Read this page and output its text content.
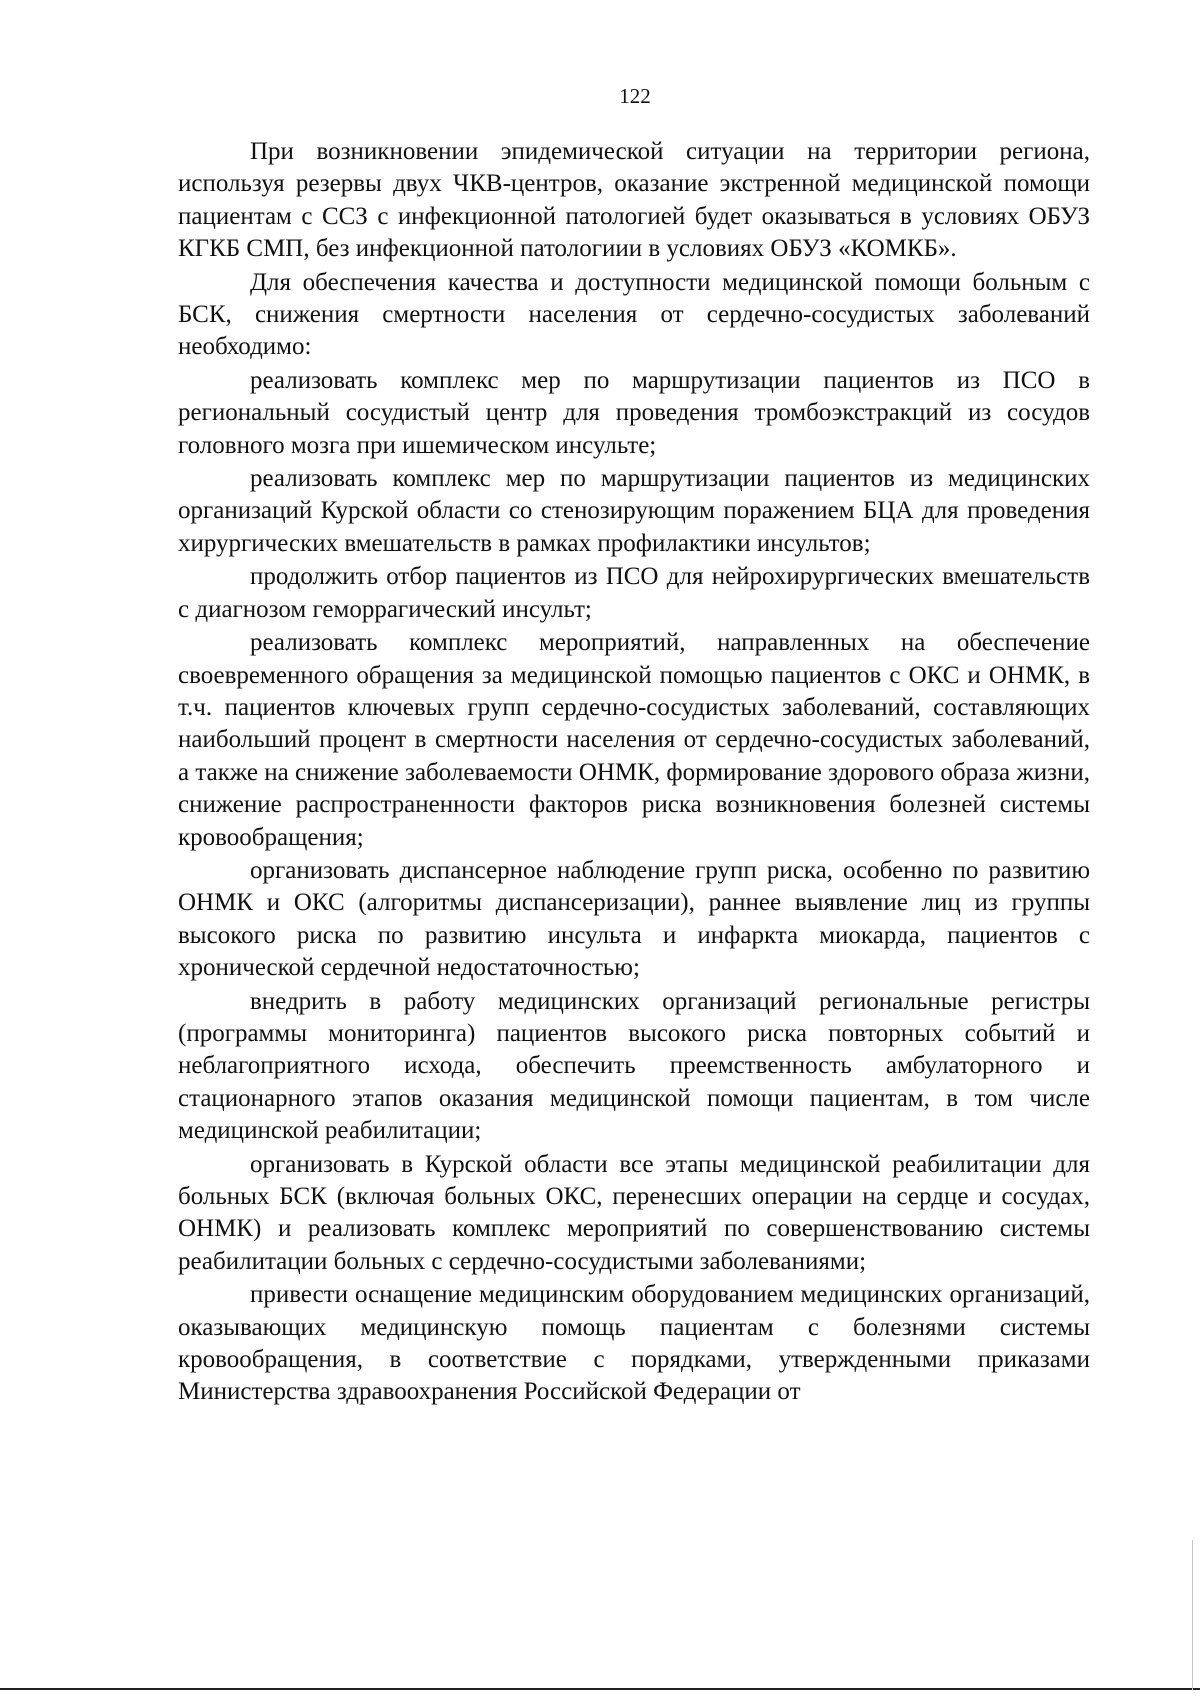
122

При возникновении эпидемической ситуации на территории региона, используя резервы двух ЧКВ-центров, оказание экстренной медицинской помощи пациентам с ССЗ с инфекционной патологией будет оказываться в условиях ОБУЗ КГКБ СМП, без инфекционной патологиии в условиях ОБУЗ «КОМКБ».

Для обеспечения качества и доступности медицинской помощи больным с БСК, снижения смертности населения от сердечно-сосудистых заболеваний необходимо:

реализовать комплекс мер по маршрутизации пациентов из ПСО в региональный сосудистый центр для проведения тромбоэкстракций из сосудов головного мозга при ишемическом инсульте;

реализовать комплекс мер по маршрутизации пациентов из медицинских организаций Курской области со стенозирующим поражением БЦА для проведения хирургических вмешательств в рамках профилактики инсультов;

продолжить отбор пациентов из ПСО для нейрохирургических вмешательств с диагнозом геморрагический инсульт;

реализовать комплекс мероприятий, направленных на обеспечение своевременного обращения за медицинской помощью пациентов с ОКС и ОНМК, в т.ч. пациентов ключевых групп сердечно-сосудистых заболеваний, составляющих наибольший процент в смертности населения от сердечно-сосудистых заболеваний, а также на снижение заболеваемости ОНМК, формирование здорового образа жизни, снижение распространенности факторов риска возникновения болезней системы кровообращения;

организовать диспансерное наблюдение групп риска, особенно по развитию ОНМК и ОКС (алгоритмы диспансеризации), раннее выявление лиц из группы высокого риска по развитию инсульта и инфаркта миокарда, пациентов с хронической сердечной недостаточностью;

внедрить в работу медицинских организаций региональные регистры (программы мониторинга) пациентов высокого риска повторных событий и неблагоприятного исхода, обеспечить преемственность амбулаторного и стационарного этапов оказания медицинской помощи пациентам, в том числе медицинской реабилитации;

организовать в Курской области все этапы медицинской реабилитации для больных БСК (включая больных ОКС, перенесших операции на сердце и сосудах, ОНМК) и реализовать комплекс мероприятий по совершенствованию системы реабилитации больных с сердечно-сосудистыми заболеваниями;

привести оснащение медицинским оборудованием медицинских организаций, оказывающих медицинскую помощь пациентам с болезнями системы кровообращения, в соответствие с порядками, утвержденными приказами Министерства здравоохранения Российской Федерации от
